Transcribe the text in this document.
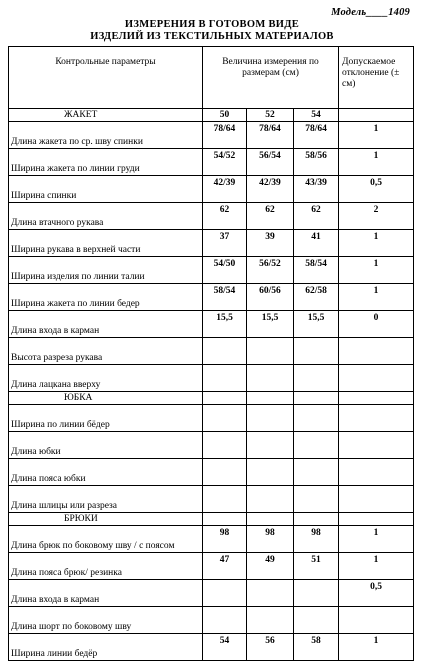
Модель____1409
ИЗМЕРЕНИЯ В ГОТОВОМ ВИДЕ
ИЗДЕЛИЙ ИЗ ТЕКСТИЛЬНЫХ МАТЕРИАЛОВ
Контрольные параметры	Величина измерения по размерам (см)			Допускаемое отклонение (± см)
ЖАКЕТ	50	52	54	
Длина жакета по ср. шву спинки	78/64	78/64	78/64	1
Ширина жакета по линии груди	54/52	56/54	58/56	1
Ширина спинки	42/39	42/39	43/39	0,5
Длина втачного рукава	62	62	62	2
Ширина рукава в верхней части	37	39	41	1
Ширина изделия по линии талии	54/50	56/52	58/54	1
Ширина жакета по линии бедер	58/54	60/56	62/58	1
Длина входа в карман	15,5	15,5	15,5	0
Высота разреза рукава				
Длина лацкана вверху				
ЮБКА				
Ширина по линии бёдер				
Длина юбки				
Длина пояса юбки				
Длина шлицы или разреза				
БРЮКИ				
Длина брюк по боковому шву / с поясом	98	98	98	1
Длина пояса брюк/ резинка	47	49	51	1
Длина входа в карман				0,5
Длина шорт по боковому шву				
Ширина линии бедёр	54	56	58	1
